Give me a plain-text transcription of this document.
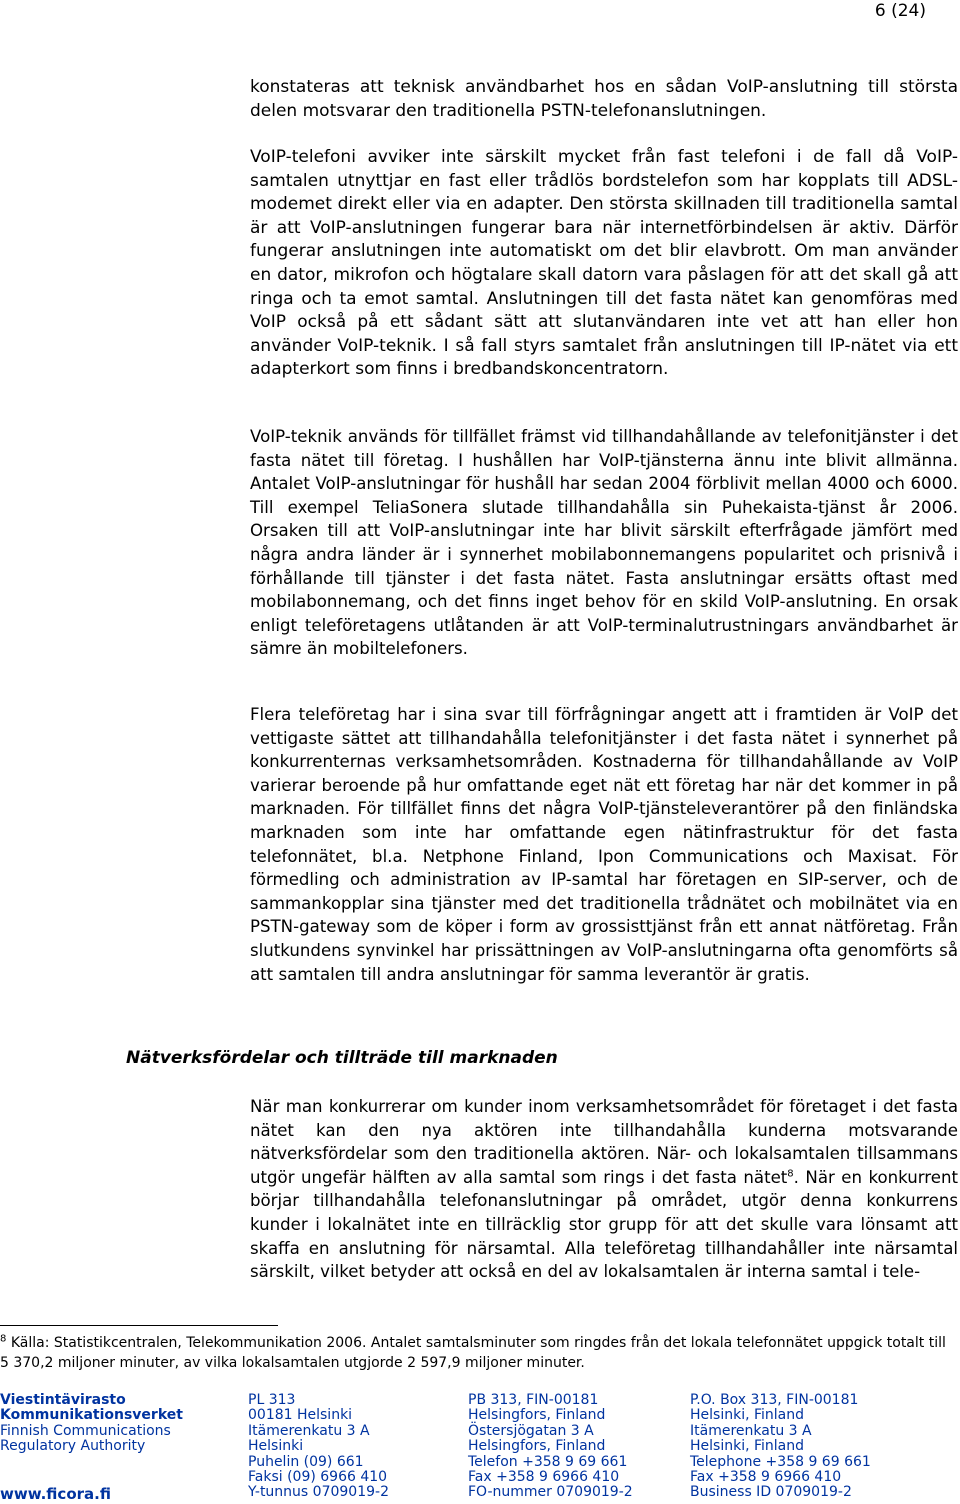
6 (24)

konstateras att teknisk användbarhet hos en sådan VoIP-anslutning till största delen motsvarar den traditionella PSTN-telefonanslutningen.

VoIP-telefoni avviker inte särskilt mycket från fast telefoni i de fall då VoIP-samtalen utnyttjar en fast eller trådlös bordstelefon som har kopplats till ADSL-modemet direkt eller via en adapter. Den största skillnaden till traditionella samtal är att VoIP-anslutningen fungerar bara när internetförbindelsen är aktiv. Därför fungerar anslutningen inte automatiskt om det blir elavbrott. Om man använder en dator, mikrofon och högtalare skall datorn vara påslagen för att det skall gå att ringa och ta emot samtal. Anslutningen till det fasta nätet kan genomföras med VoIP också på ett sådant sätt att slutanvändaren inte vet att han eller hon använder VoIP-teknik. I så fall styrs samtalet från anslutningen till IP-nätet via ett adapterkort som finns i bredbandskoncentratorn.

VoIP-teknik används för tillfället främst vid tillhandahållande av telefonitjänster i det fasta nätet till företag. I hushållen har VoIP-tjänsterna ännu inte blivit allmänna. Antalet VoIP-anslutningar för hushåll har sedan 2004 förblivit mellan 4000 och 6000. Till exempel TeliaSonera slutade tillhandahålla sin Puhekaista-tjänst år 2006. Orsaken till att VoIP-anslutningar inte har blivit särskilt efterfrågade jämfört med några andra länder är i synnerhet mobilabonnemangens popularitet och prisnivå i förhållande till tjänster i det fasta nätet. Fasta anslutningar ersätts oftast med mobilabonnemang, och det finns inget behov för en skild VoIP-anslutning. En orsak enligt teleföretagens utlåtanden är att VoIP-terminalutrustningars användbarhet är sämre än mobiltelefoners.

Flera teleföretag har i sina svar till förfrågningar angett att i framtiden är VoIP det vettigaste sättet att tillhandahålla telefonitjänster i det fasta nätet i synnerhet på konkurrenternas verksamhetsområden. Kostnaderna för tillhandahållande av VoIP varierar beroende på hur omfattande eget nät ett företag har när det kommer in på marknaden. För tillfället finns det några VoIP-tjänsteleverantörer på den finländska marknaden som inte har omfattande egen nätinfrastruktur för det fasta telefonnätet, bl.a. Netphone Finland, Ipon Communications och Maxisat. För förmedling och administration av IP-samtal har företagen en SIP-server, och de sammankopplar sina tjänster med det traditionella trådnätet och mobilnätet via en PSTN-gateway som de köper i form av grossisttjänst från ett annat nätföretag. Från slutkundens synvinkel har prissättningen av VoIP-anslutningarna ofta genomförts så att samtalen till andra anslutningar för samma leverantör är gratis.

Nätverksfördelar och tillträde till marknaden

När man konkurrerar om kunder inom verksamhetsområdet för företaget i det fasta nätet kan den nya aktören inte tillhandahålla kunderna motsvarande nätverksfördelar som den traditionella aktören. När- och lokalsamtalen tillsammans utgör ungefär hälften av alla samtal som rings i det fasta nätet$^8$. När en konkurrent börjar tillhandahålla telefonanslutningar på området, utgör denna konkurrens kunder i lokalnätet inte en tillräcklig stor grupp för att det skulle vara lönsamt att skaffa en anslutning för närsamtal. Alla teleföretag tillhandahåller inte närsamtal särskilt, vilket betyder att också en del av lokalsamtalen är interna samtal i tele-

$^8$ Källa: Statistikcentralen, Telekommunikation 2006. Antalet samtalsminuter som ringdes från det lokala telefonnätet uppgick totalt till 5 370,2 miljoner minuter, av vilka lokalsamtalen utgjorde 2 597,9 miljoner minuter.

Viestintävirasto
Kommunikationsverket
Finnish Communications
Regulatory Authority
www.ficora.fi
PL 313
00181 Helsinki
Itämerenkatu 3 A
Helsinki
Puhelin (09) 661
Faksi (09) 6966 410
Y-tunnus 0709019-2
PB 313, FIN-00181
Helsingfors, Finland
Östersjögatan 3 A
Helsingfors, Finland
Telefon +358 9 69 661
Fax +358 9 6966 410
FO-nummer 0709019-2
P.O. Box 313, FIN-00181
Helsinki, Finland
Itämerenkatu 3 A
Helsinki, Finland
Telephone +358 9 69 661
Fax +358 9 6966 410
Business ID 0709019-2
